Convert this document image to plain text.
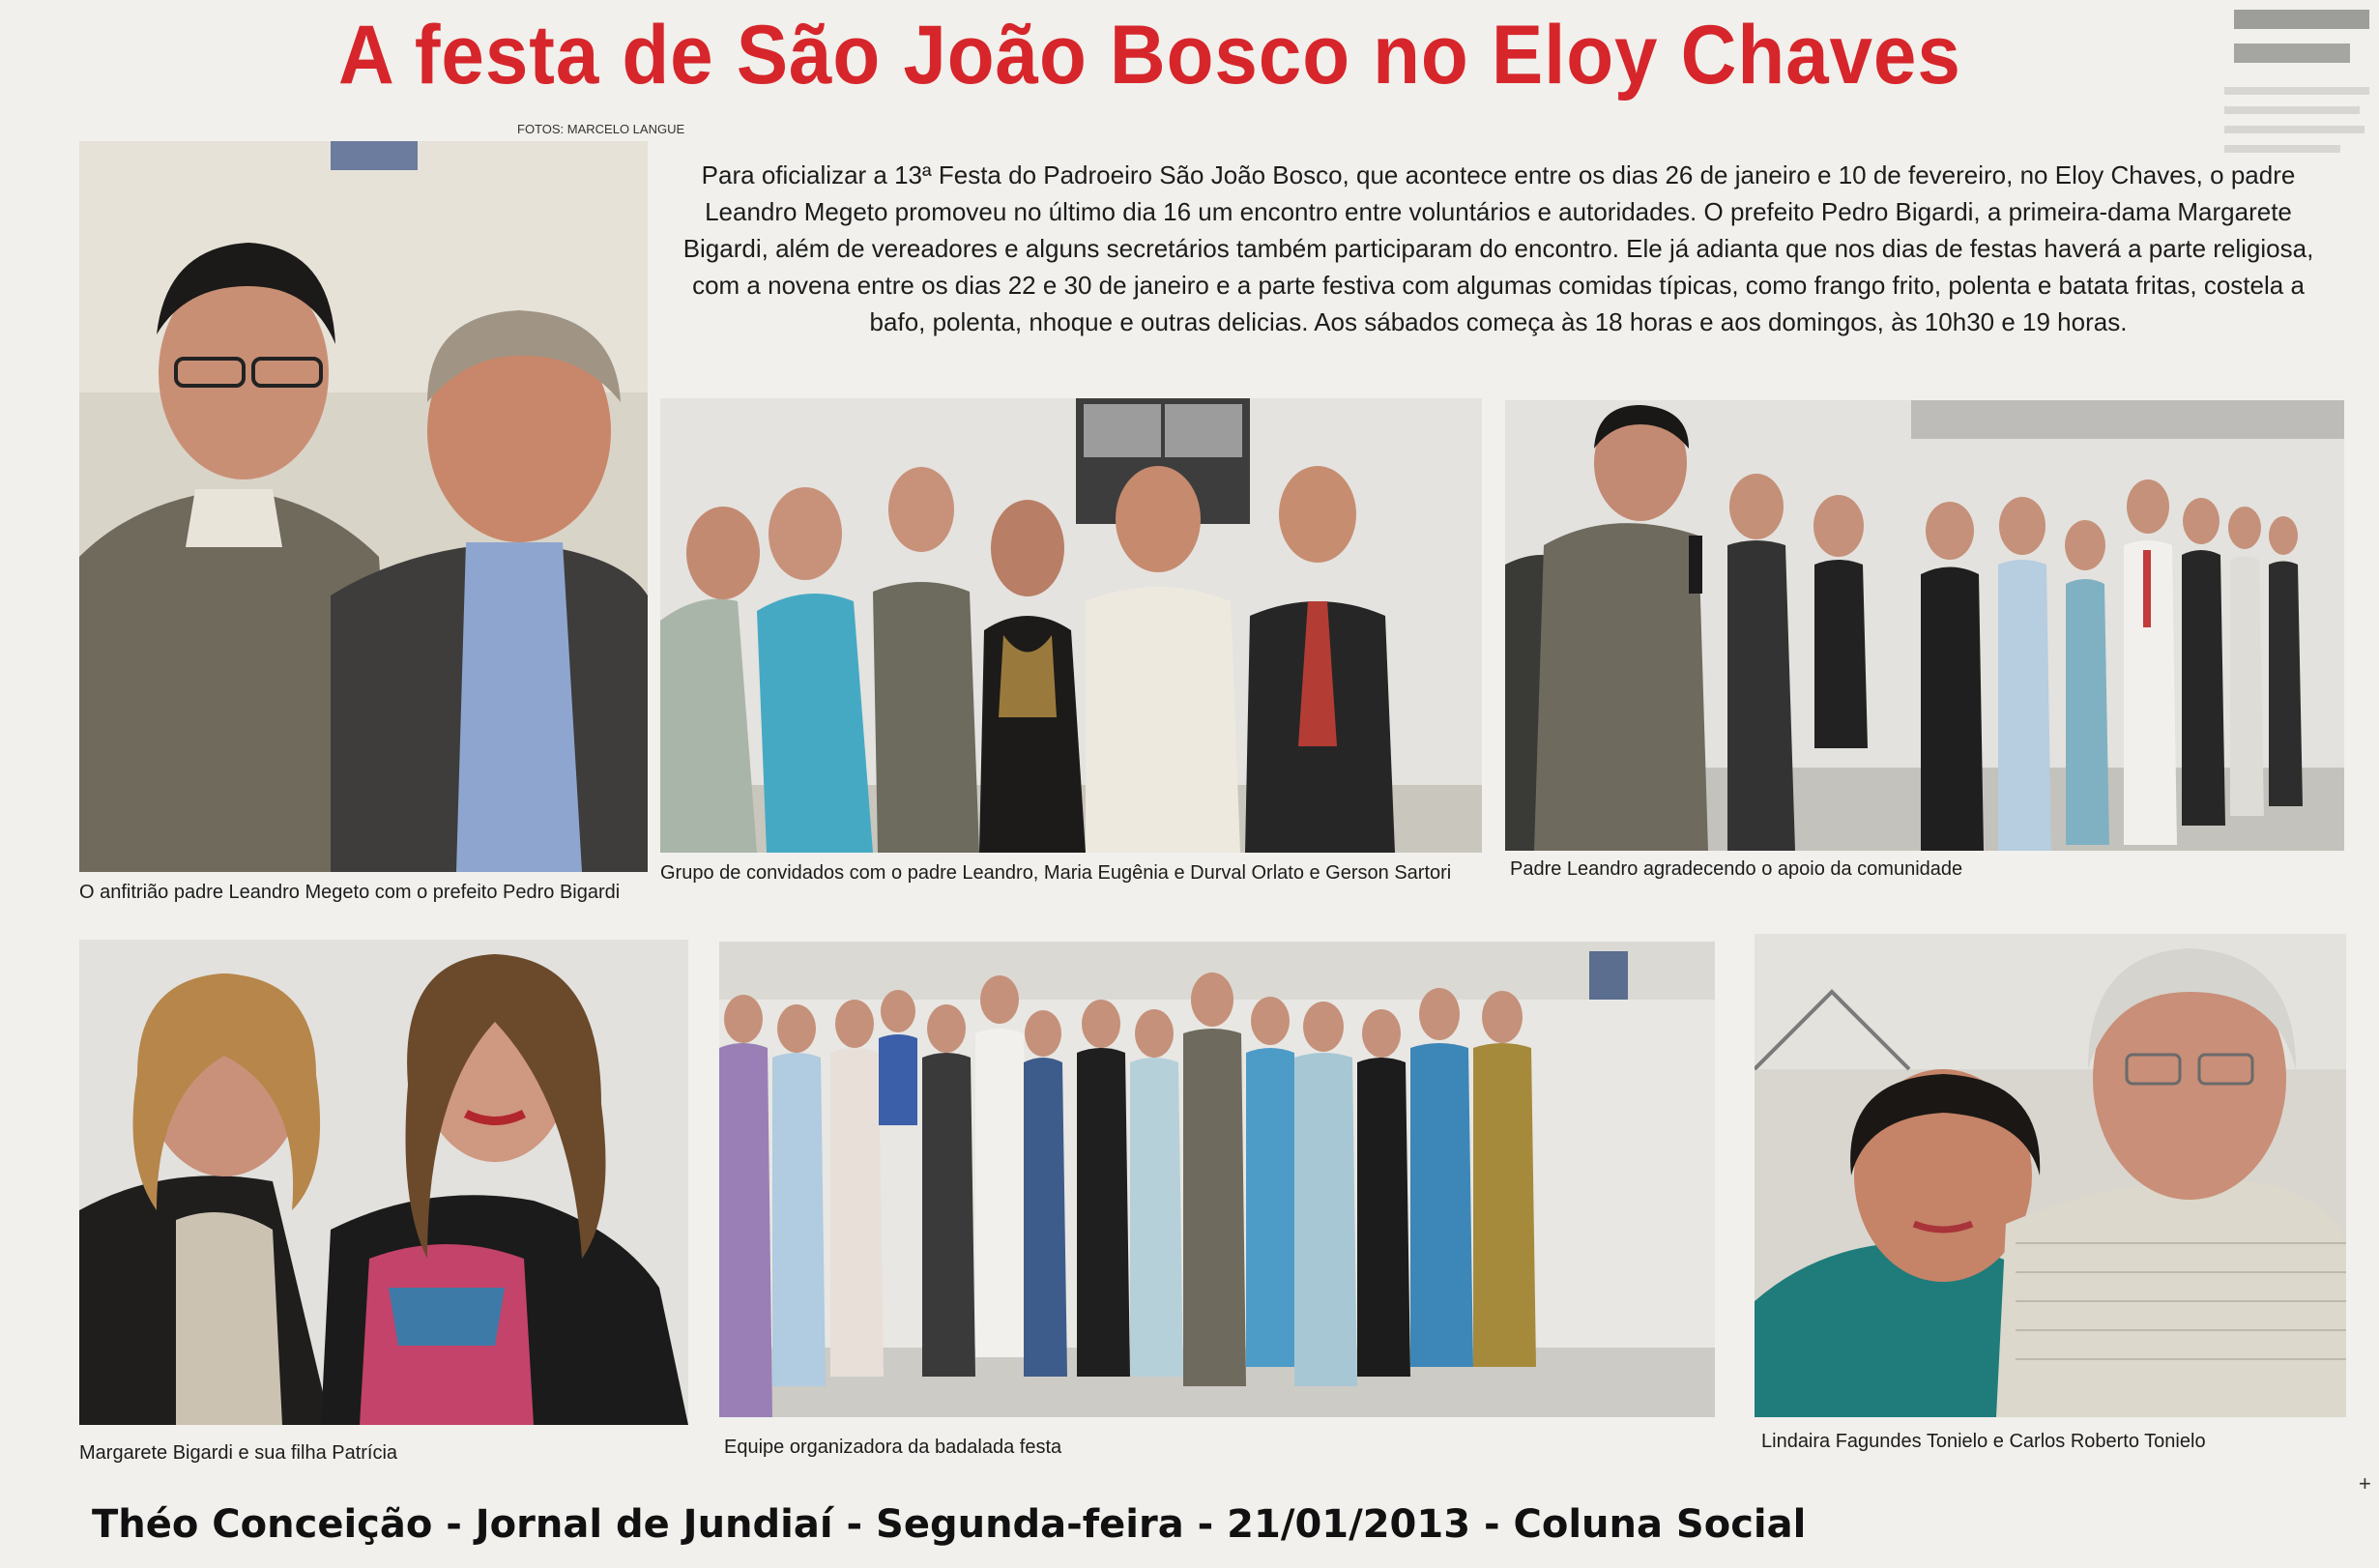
A festa de São João Bosco no Eloy Chaves
FOTOS: MARCELO LANGUE
Para oficializar a 13ª Festa do Padroeiro São João Bosco, que acontece entre os dias 26 de janeiro e 10 de fevereiro, no Eloy Chaves, o padre Leandro Megeto promoveu no último dia 16 um encontro entre voluntários e autoridades. O prefeito Pedro Bigardi, a primeira-dama Margarete Bigardi, além de vereadores e alguns secretários também participaram do encontro. Ele já adianta que nos dias de festas haverá a parte religiosa, com a novena entre os dias 22 e 30 de janeiro e a parte festiva com algumas comidas típicas, como frango frito, polenta e batata fritas, costela a bafo, polenta, nhoque e outras delicias. Aos sábados começa às 18 horas e aos domingos, às 10h30 e 19 horas.
O anfitrião padre Leandro Megeto com o prefeito Pedro Bigardi
Grupo de convidados com o padre Leandro, Maria Eugênia e Durval Orlato e Gerson Sartori	Padre Leandro agradecendo o apoio da comunidade
Margarete Bigardi e sua filha Patrícia	Equipe organizadora da badalada festa	Lindaira Fagundes Tonielo e Carlos Roberto Tonielo
Théo Conceição - Jornal de Jundiaí - Segunda-feira - 21/01/2013 - Coluna Social
+
